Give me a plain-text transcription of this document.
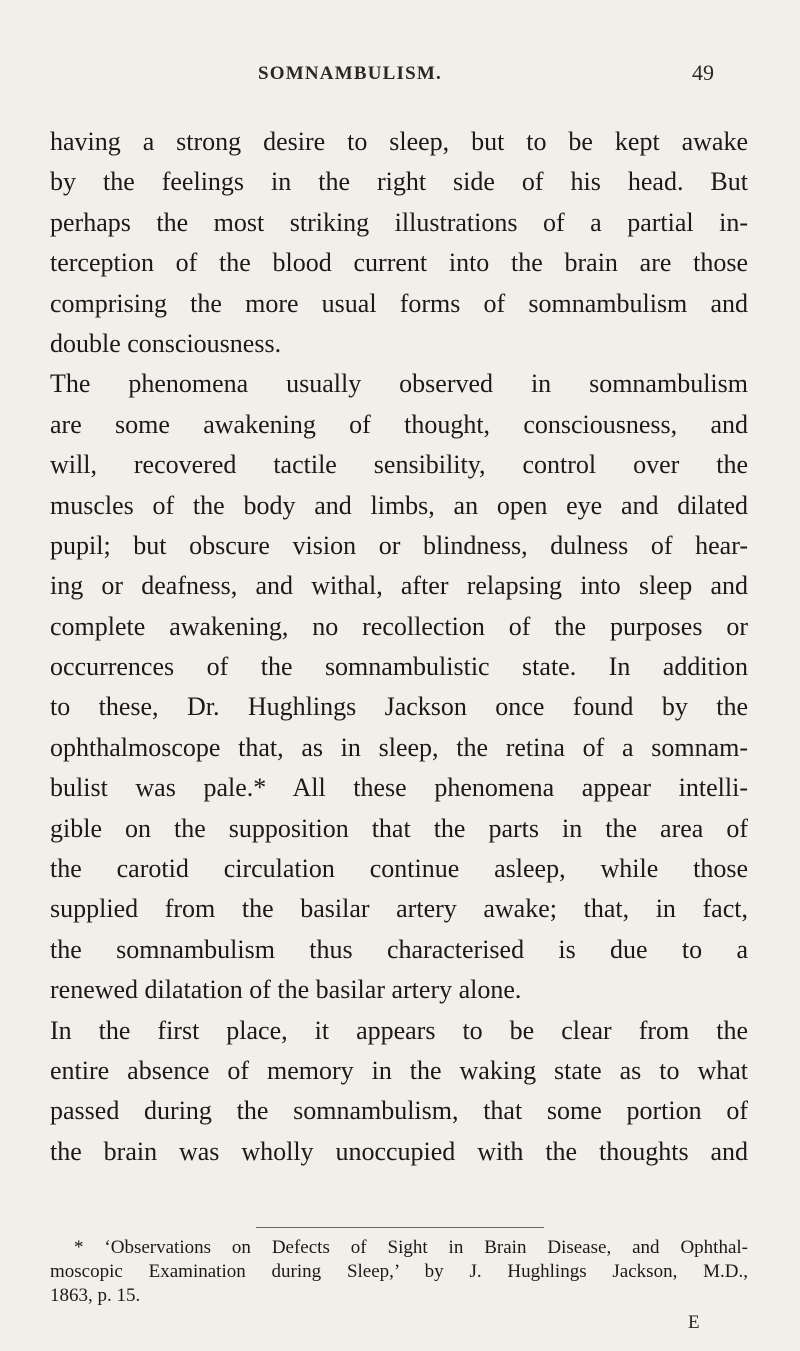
SOMNAMBULISM.	49
having a strong desire to sleep, but to be kept awake
by the feelings in the right side of his head. But
perhaps the most striking illustrations of a partial in-
terception of the blood current into the brain are those
comprising the more usual forms of somnambulism and
double consciousness.
The phenomena usually observed in somnambulism
are some awakening of thought, consciousness, and
will, recovered tactile sensibility, control over the
muscles of the body and limbs, an open eye and dilated
pupil; but obscure vision or blindness, dulness of hear-
ing or deafness, and withal, after relapsing into sleep and
complete awakening, no recollection of the purposes or
occurrences of the somnambulistic state. In addition
to these, Dr. Hughlings Jackson once found by the
ophthalmoscope that, as in sleep, the retina of a somnam-
bulist was pale.* All these phenomena appear intelli-
gible on the supposition that the parts in the area of
the carotid circulation continue asleep, while those
supplied from the basilar artery awake; that, in fact,
the somnambulism thus characterised is due to a
renewed dilatation of the basilar artery alone.
In the first place, it appears to be clear from the
entire absence of memory in the waking state as to what
passed during the somnambulism, that some portion of
the brain was wholly unoccupied with the thoughts and
* ‘Observations on Defects of Sight in Brain Disease, and Ophthal-
moscopic Examination during Sleep,’ by J. Hughlings Jackson, M.D.,
1863, p. 15.
E
